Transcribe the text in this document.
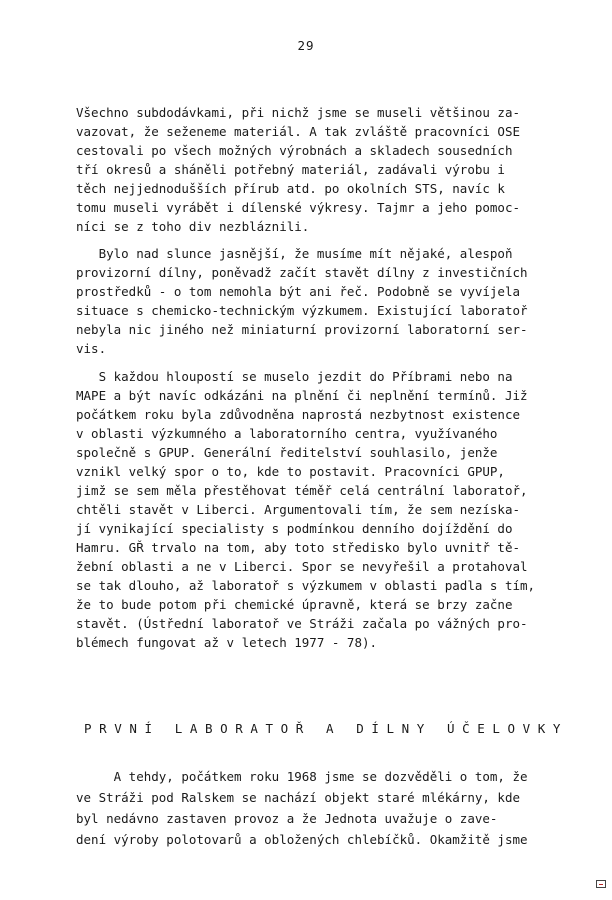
29
Všechno subdodávkami, při nichž jsme se museli většinou za-
vazovat, že seženeme materiál. A tak zvláště pracovníci OSE
cestovali po všech možných výrobnách a skladech sousedních
tří okresů a sháněli potřebný materiál, zadávali výrobu i
těch nejjednodušších přírub atd. po okolních STS, navíc k
tomu museli vyrábět i dílenské výkresy. Tajmr a jeho pomoc-
níci se z toho div nezbláznili.
Bylo nad slunce jasnější, že musíme mít nějaké, alespoň
provizorní dílny, poněvadž začít stavět dílny z investičních
prostředků - o tom nemohla být ani řeč. Podobně se vyvíjela
situace s chemicko-technickým výzkumem. Existující laboratoř
nebyla nic jiného než miniaturní provizorní laboratorní ser-
vis.
S každou hloupostí se muselo jezdit do Příbrami nebo na
MAPE a být navíc odkázáni na plnění či neplnění termínů. Již
počátkem roku byla zdůvodněna naprostá nezbytnost existence
v oblasti výzkumného a laboratorního centra, využívaného
společně s GPUP. Generální ředitelství souhlasilo, jenže
vznikl velký spor o to, kde to postavit. Pracovníci GPUP,
jimž se sem měla přestěhovat téměř celá centrální laboratoř,
chtěli stavět v Liberci. Argumentovali tím, že sem nezíska-
jí vynikající specialisty s podmínkou denního dojíždění do
Hamru. GŘ trvalo na tom, aby toto středisko bylo uvnitř tě-
žební oblasti a ne v Liberci. Spor se nevyřešil a protahoval
se tak dlouho, až laboratoř s výzkumem v oblasti padla s tím,
že to bude potom při chemické úpravně, která se brzy začne
stavět. (Ústřední laboratoř ve Stráži začala po vážných pro-
blémech fungovat až v letech 1977 - 78).
PRVNÍ LABORATOŘ A DÍLNY ÚČELOVKY
A tehdy, počátkem roku 1968 jsme se dozvěděli o tom, že
ve Stráži pod Ralskem se nachází objekt staré mlékárny, kde
byl nedávno zastaven provoz a že Jednota uvažuje o zave-
dení výroby polotovarů a obložených chlebíčků. Okamžitě jsme
